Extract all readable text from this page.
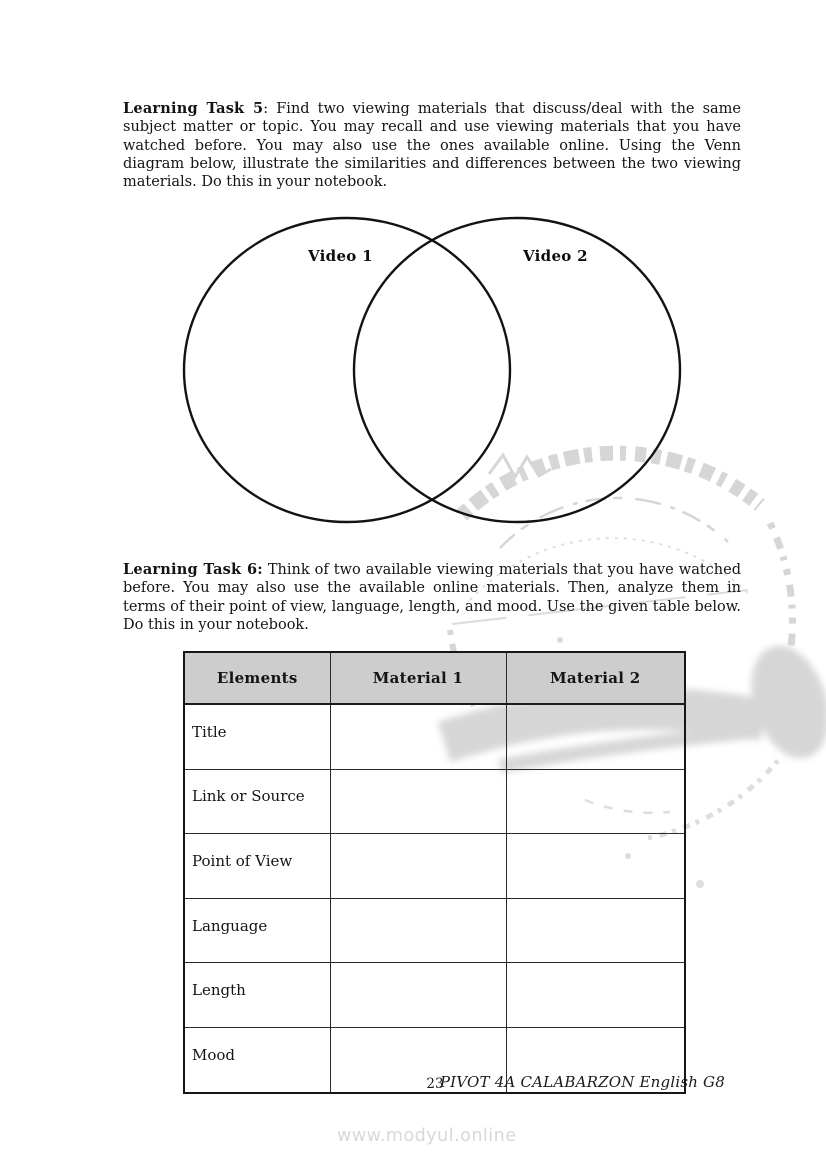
Learning Task 5: Find two viewing materials that discuss/deal with the same subject matter or topic. You may recall and use viewing materials that you have watched before. You may also use the ones available online. Using the Venn diagram below, illustrate the similarities and differences between the two viewing materials. Do this in your notebook.

Video 1	Video 2

Learning Task 6: Think of two available viewing materials that you have watched before. You may also use the available online materials. Then, analyze them in terms of their point of view, language, length, and mood. Use the given table below. Do this in your notebook.

Elements	Material 1	Material 2
Title		
Link or Source		
Point of View		
Language		
Length		
Mood		
23
PIVOT 4A CALABARZON English G8
www.modyul.online
